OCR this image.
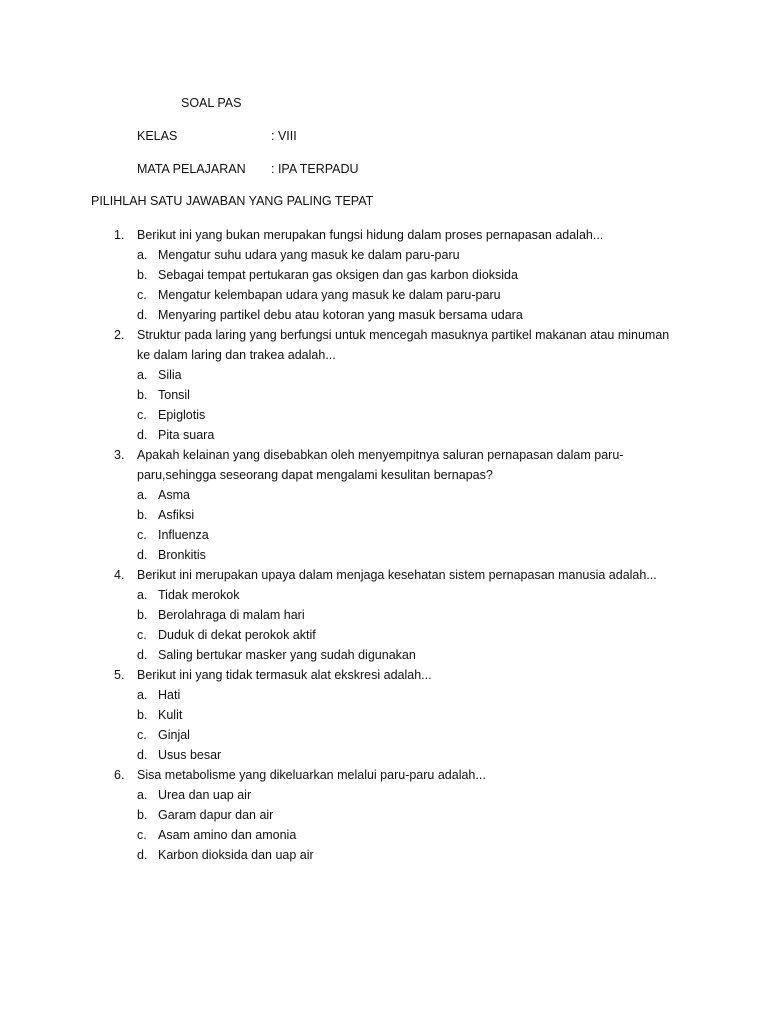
SOAL PAS
KELAS	: VIII
MATA PELAJARAN : IPA TERPADU
PILIHLAH SATU JAWABAN YANG PALING TEPAT
1. Berikut ini yang bukan merupakan fungsi hidung dalam proses pernapasan adalah...
a. Mengatur suhu udara yang masuk ke dalam paru-paru
b. Sebagai tempat pertukaran gas oksigen dan gas karbon dioksida
c. Mengatur kelembapan udara yang masuk ke dalam paru-paru
d. Menyaring partikel debu atau kotoran yang masuk bersama udara
2. Struktur pada laring yang berfungsi untuk mencegah masuknya partikel makanan atau minuman
ke dalam laring dan trakea adalah...
a. Silia
b. Tonsil
c. Epiglotis
d. Pita suara
3. Apakah kelainan yang disebabkan oleh menyempitnya saluran pernapasan dalam paru-
paru,sehingga seseorang dapat mengalami kesulitan bernapas?
a. Asma
b. Asfiksi
c. Influenza
d. Bronkitis
4. Berikut ini merupakan upaya dalam menjaga kesehatan sistem pernapasan manusia adalah...
a. Tidak merokok
b. Berolahraga di malam hari
c. Duduk di dekat perokok aktif
d. Saling bertukar masker yang sudah digunakan
5. Berikut ini yang tidak termasuk alat ekskresi adalah...
a. Hati
b. Kulit
c. Ginjal
d. Usus besar
6. Sisa metabolisme yang dikeluarkan melalui paru-paru adalah...
a. Urea dan uap air
b. Garam dapur dan air
c. Asam amino dan amonia
d. Karbon dioksida dan uap air
